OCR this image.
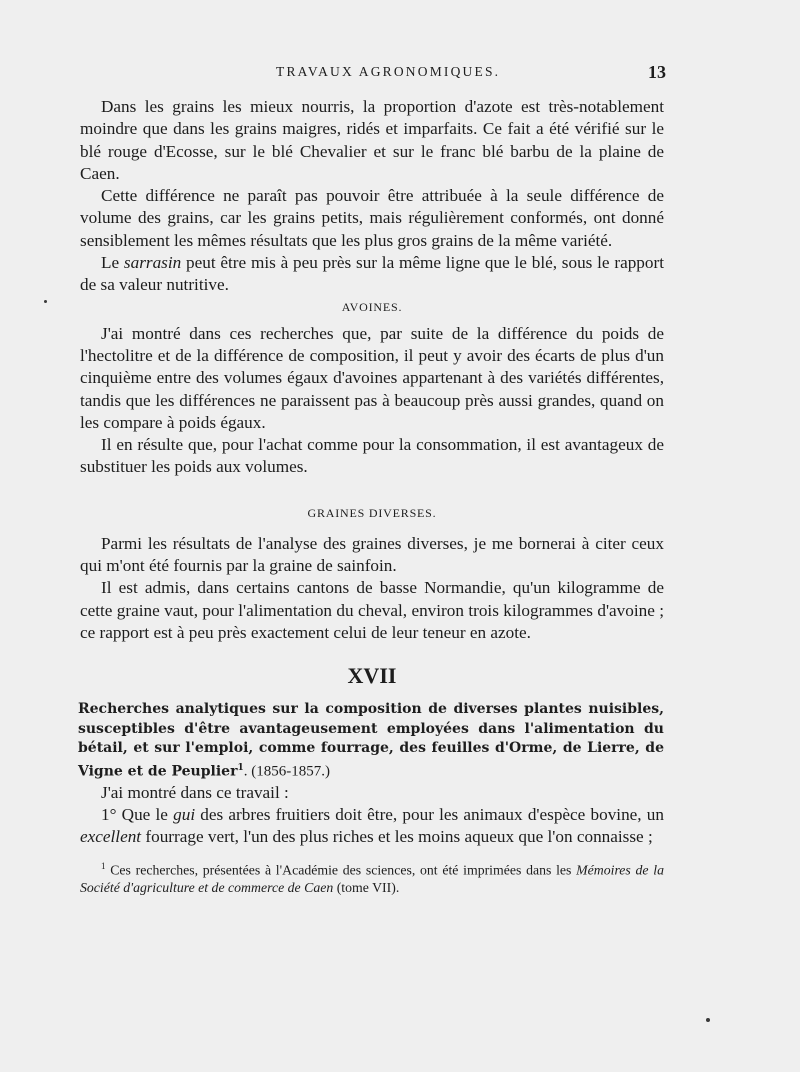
TRAVAUX AGRONOMIQUES.	13

Dans les grains les mieux nourris, la proportion d'azote est très-notablement moindre que dans les grains maigres, ridés et imparfaits. Ce fait a été vérifié sur le blé rouge d'Ecosse, sur le blé Chevalier et sur le franc blé barbu de la plaine de Caen.

Cette différence ne paraît pas pouvoir être attribuée à la seule différence de volume des grains, car les grains petits, mais régulièrement conformés, ont donné sensiblement les mêmes résultats que les plus gros grains de la même variété.

Le sarrasin peut être mis à peu près sur la même ligne que le blé, sous le rapport de sa valeur nutritive.

AVOINES.

J'ai montré dans ces recherches que, par suite de la différence du poids de l'hectolitre et de la différence de composition, il peut y avoir des écarts de plus d'un cinquième entre des volumes égaux d'avoines appartenant à des variétés différentes, tandis que les différences ne paraissent pas à beaucoup près aussi grandes, quand on les compare à poids égaux.

Il en résulte que, pour l'achat comme pour la consommation, il est avantageux de substituer les poids aux volumes.

GRAINES DIVERSES.

Parmi les résultats de l'analyse des graines diverses, je me bornerai à citer ceux qui m'ont été fournis par la graine de sainfoin.

Il est admis, dans certains cantons de basse Normandie, qu'un kilogramme de cette graine vaut, pour l'alimentation du cheval, environ trois kilogrammes d'avoine ; ce rapport est à peu près exactement celui de leur teneur en azote.

XVII
Recherches analytiques sur la composition de diverses plantes nuisibles, susceptibles d'être avantageusement employées dans l'alimentation du bétail, et sur l'emploi, comme fourrage, des feuilles d'Orme, de Lierre, de Vigne et de Peuplier$^1$. (1856-1857.)

J'ai montré dans ce travail :

1° Que le gui des arbres fruitiers doit être, pour les animaux d'espèce bovine, un excellent fourrage vert, l'un des plus riches et les moins aqueux que l'on connaisse ;

$^1$ Ces recherches, présentées à l'Académie des sciences, ont été imprimées dans les Mémoires de la Société d'agriculture et de commerce de Caen (tome VII).
